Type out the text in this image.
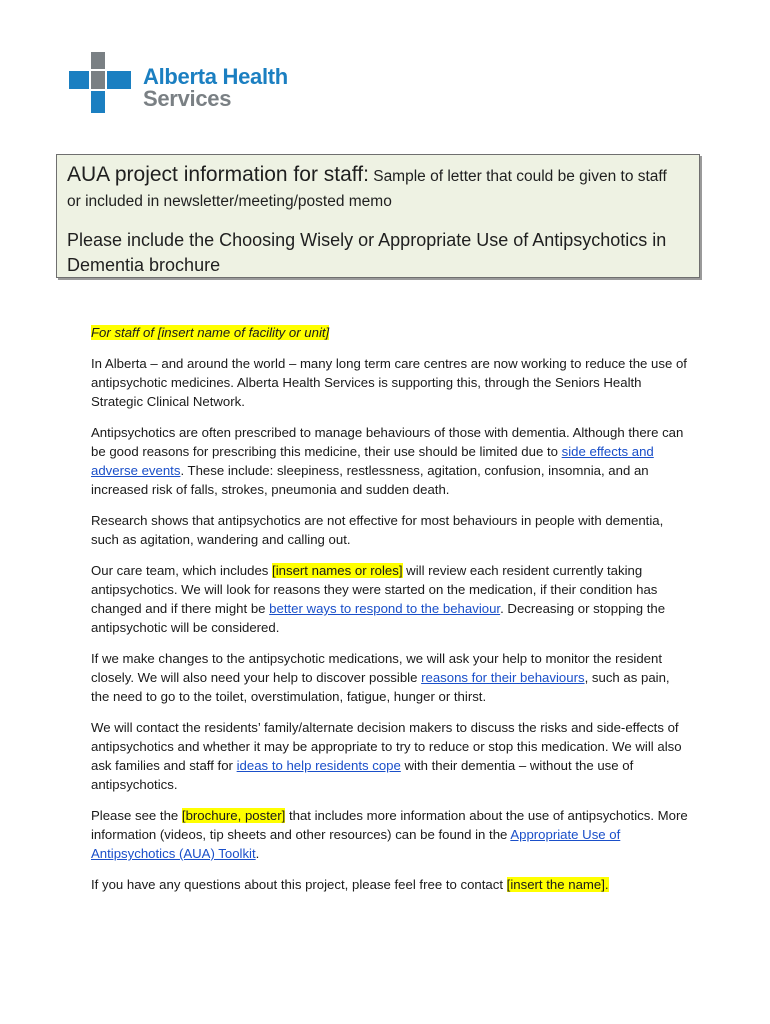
Alberta Health
Services
AUA project information for staff: Sample of letter that could be given to staff
or included in newsletter/meeting/posted memo
Please include the Choosing Wisely or Appropriate Use of Antipsychotics in Dementia brochure

For staff of [insert name of facility or unit]

In Alberta – and around the world – many long term care centres are now working to reduce the use of antipsychotic medicines. Alberta Health Services is supporting this, through the Seniors Health Strategic Clinical Network.

Antipsychotics are often prescribed to manage behaviours of those with dementia. Although there can be good reasons for prescribing this medicine, their use should be limited due to side effects and adverse events. These include: sleepiness, restlessness, agitation, confusion, insomnia, and an increased risk of falls, strokes, pneumonia and sudden death.

Research shows that antipsychotics are not effective for most behaviours in people with dementia, such as agitation, wandering and calling out.

Our care team, which includes [insert names or roles] will review each resident currently taking antipsychotics. We will look for reasons they were started on the medication, if their condition has changed and if there might be better ways to respond to the behaviour. Decreasing or stopping the antipsychotic will be considered.

If we make changes to the antipsychotic medications, we will ask your help to monitor the resident closely. We will also need your help to discover possible reasons for their behaviours, such as pain, the need to go to the toilet, overstimulation, fatigue, hunger or thirst.

We will contact the residents’ family/alternate decision makers to discuss the risks and side-effects of antipsychotics and whether it may be appropriate to try to reduce or stop this medication. We will also ask families and staff for ideas to help residents cope with their dementia – without the use of antipsychotics.

Please see the [brochure, poster] that includes more information about the use of antipsychotics. More information (videos, tip sheets and other resources) can be found in the Appropriate Use of Antipsychotics (AUA) Toolkit.

If you have any questions about this project, please feel free to contact [insert the name].
